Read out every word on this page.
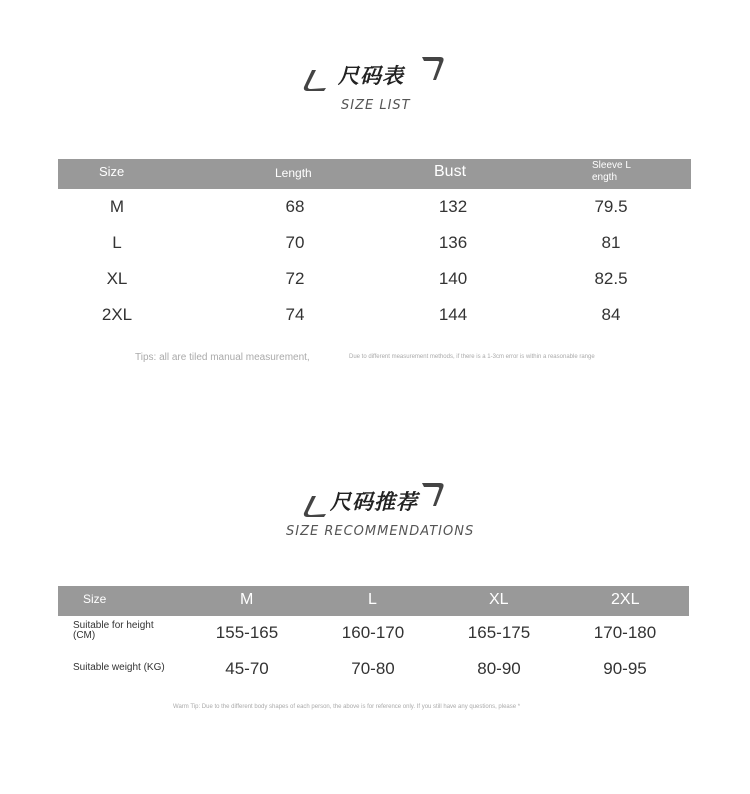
尺码表
SIZE LIST
Size	Length	Bust	Sleeve L
ength
M	68	132	79.5
L	70	136	81
XL	72	140	82.5
2XL	74	144	84
Tips: all are tiled manual measurement,	Due to different measurement methods, if there is a 1-3cm error is within a reasonable range
尺码推荐
SIZE RECOMMENDATIONS
Size	M	L	XL	2XL
Suitable for height
(CM)	155-165	160-170	165-175	170-180
Suitable weight (KG)	45-70	70-80	80-90	90-95
Warm Tip: Due to the different body shapes of each person, the above is for reference only. If you still have any questions, please *
